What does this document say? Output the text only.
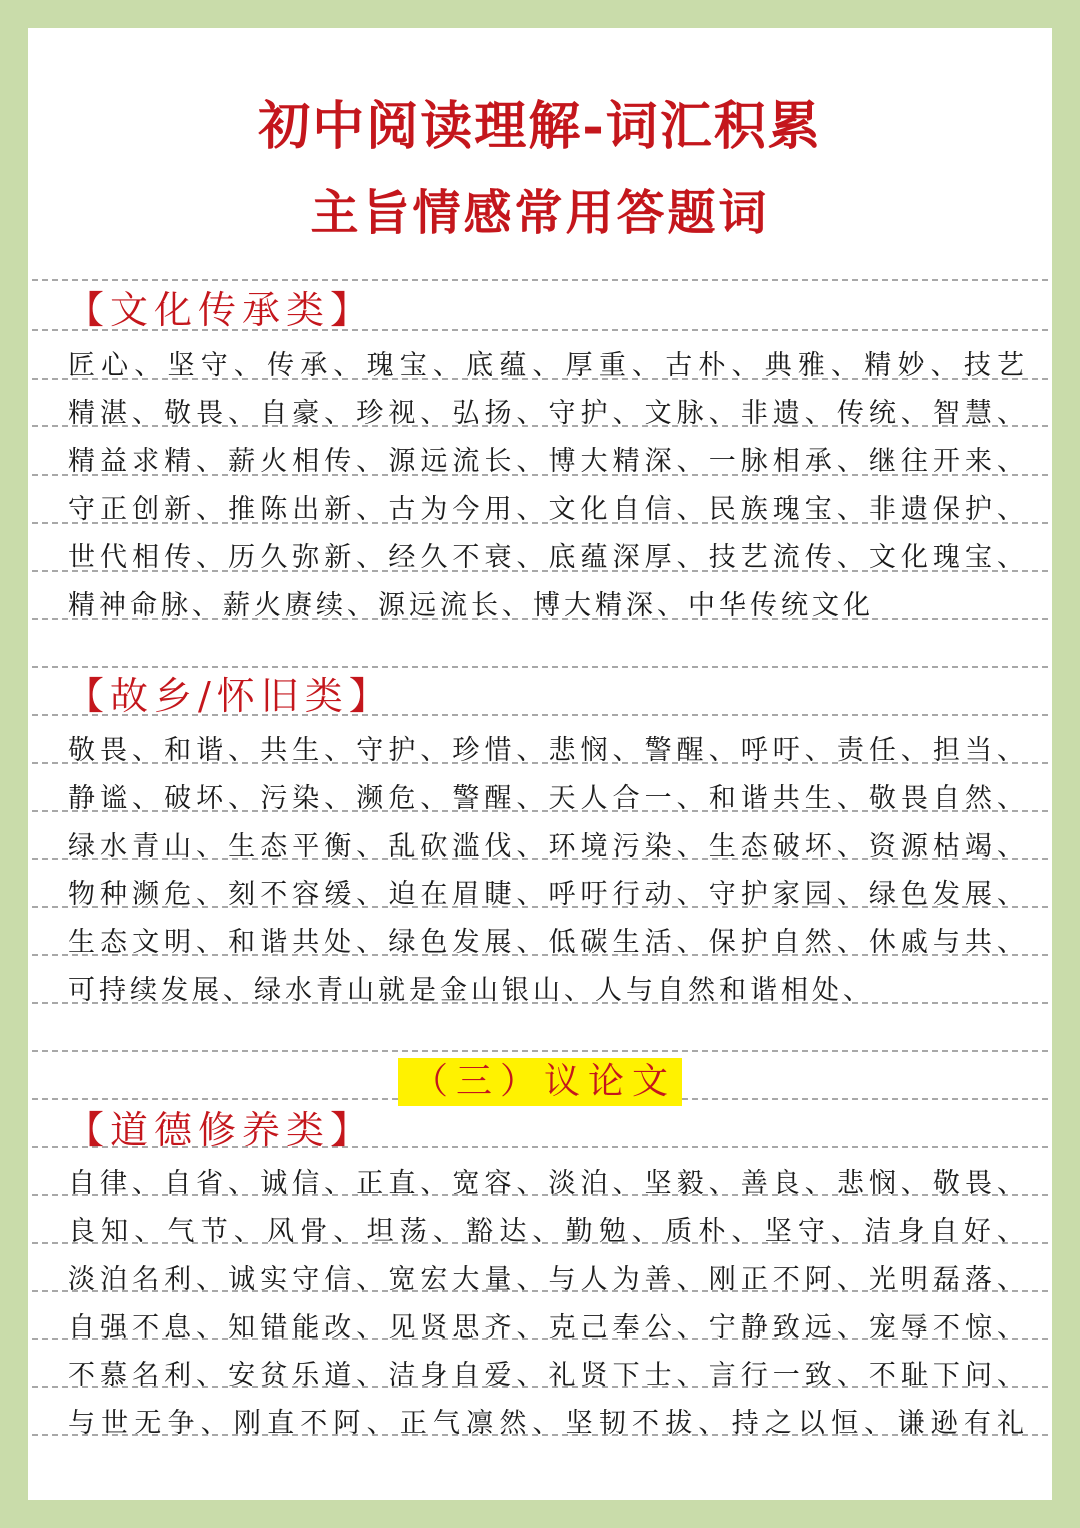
初中阅读理解-词汇积累
主旨情感常用答题词
【文化传承类】
匠心、坚守、传承、瑰宝、底蕴、厚重、古朴、典雅、精妙、技艺
精湛、敬畏、自豪、珍视、弘扬、守护、文脉、非遗、传统、智慧、
精益求精、薪火相传、源远流长、博大精深、一脉相承、继往开来、
守正创新、推陈出新、古为今用、文化自信、民族瑰宝、非遗保护、
世代相传、历久弥新、经久不衰、底蕴深厚、技艺流传、文化瑰宝、
精神命脉、薪火赓续、源远流长、博大精深、中华传统文化
【故乡/怀旧类】
敬畏、和谐、共生、守护、珍惜、悲悯、警醒、呼吁、责任、担当、
静谧、破坏、污染、濒危、警醒、天人合一、和谐共生、敬畏自然、
绿水青山、生态平衡、乱砍滥伐、环境污染、生态破坏、资源枯竭、
物种濒危、刻不容缓、迫在眉睫、呼吁行动、守护家园、绿色发展、
生态文明、和谐共处、绿色发展、低碳生活、保护自然、休戚与共、
可持续发展、绿水青山就是金山银山、人与自然和谐相处、
（三）议论文
【道德修养类】
自律、自省、诚信、正直、宽容、淡泊、坚毅、善良、悲悯、敬畏、
良知、气节、风骨、坦荡、豁达、勤勉、质朴、坚守、洁身自好、
淡泊名利、诚实守信、宽宏大量、与人为善、刚正不阿、光明磊落、
自强不息、知错能改、见贤思齐、克己奉公、宁静致远、宠辱不惊、
不慕名利、安贫乐道、洁身自爱、礼贤下士、言行一致、不耻下问、
与世无争、刚直不阿、正气凛然、坚韧不拔、持之以恒、谦逊有礼
